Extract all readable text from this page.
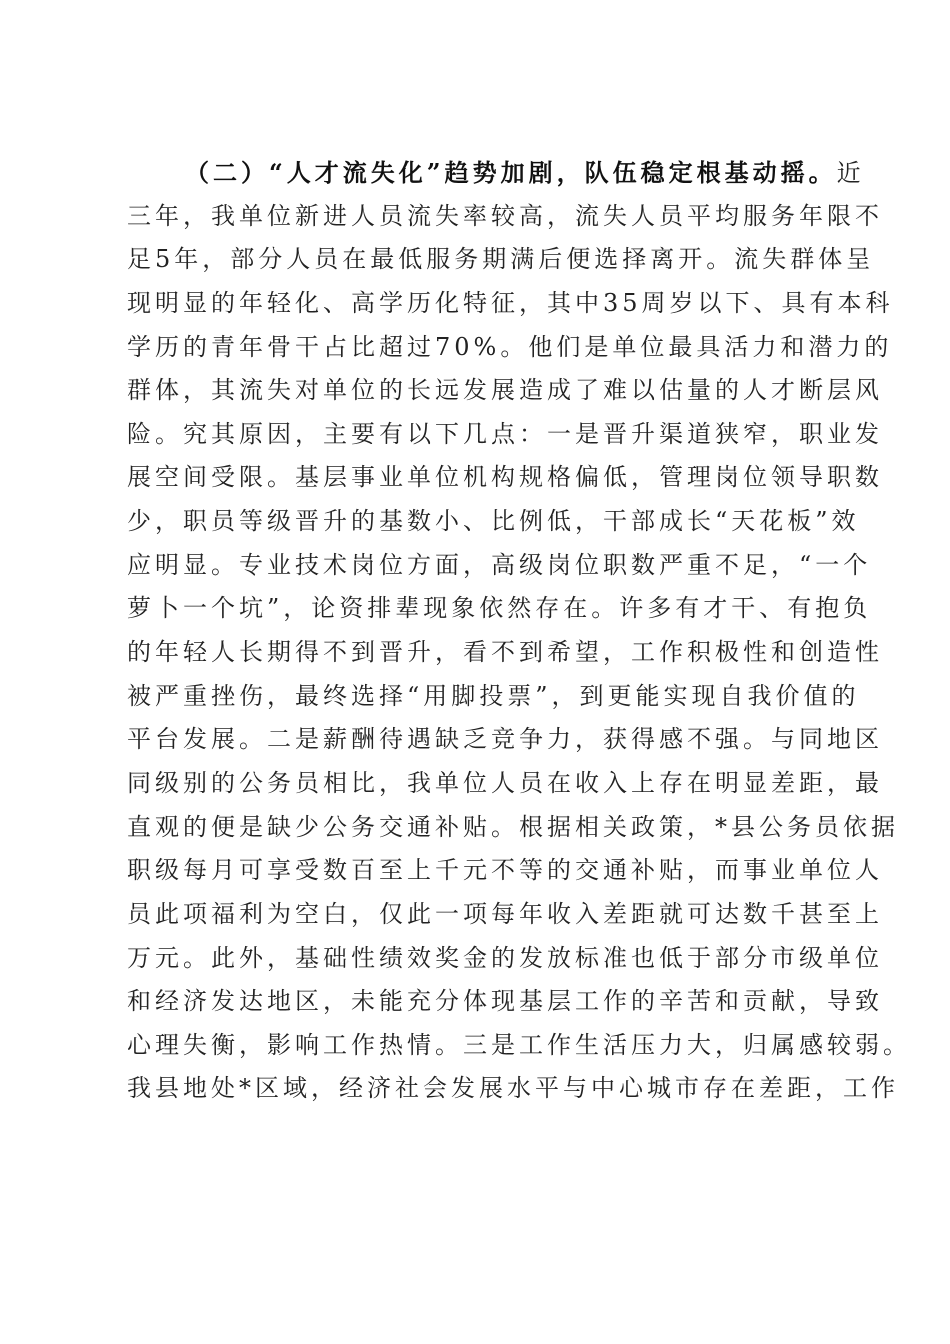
（二）“人才流失化”趋势加剧，队伍稳定根基动摇。近
三年，我单位新进人员流失率较高，流失人员平均服务年限不
足5年，部分人员在最低服务期满后便选择离开。流失群体呈
现明显的年轻化、高学历化特征，其中35周岁以下、具有本科
学历的青年骨干占比超过70%。他们是单位最具活力和潜力的
群体，其流失对单位的长远发展造成了难以估量的人才断层风
险。究其原因，主要有以下几点：一是晋升渠道狭窄，职业发
展空间受限。基层事业单位机构规格偏低，管理岗位领导职数
少，职员等级晋升的基数小、比例低，干部成长“天花板”效
应明显。专业技术岗位方面，高级岗位职数严重不足，“一个
萝卜一个坑”，论资排辈现象依然存在。许多有才干、有抱负
的年轻人长期得不到晋升，看不到希望，工作积极性和创造性
被严重挫伤，最终选择“用脚投票”，到更能实现自我价值的
平台发展。二是薪酬待遇缺乏竞争力，获得感不强。与同地区
同级别的公务员相比，我单位人员在收入上存在明显差距，最
直观的便是缺少公务交通补贴。根据相关政策，*县公务员依据
职级每月可享受数百至上千元不等的交通补贴，而事业单位人
员此项福利为空白，仅此一项每年收入差距就可达数千甚至上
万元。此外，基础性绩效奖金的发放标准也低于部分市级单位
和经济发达地区，未能充分体现基层工作的辛苦和贡献，导致
心理失衡，影响工作热情。三是工作生活压力大，归属感较弱。
我县地处*区域，经济社会发展水平与中心城市存在差距，工作
